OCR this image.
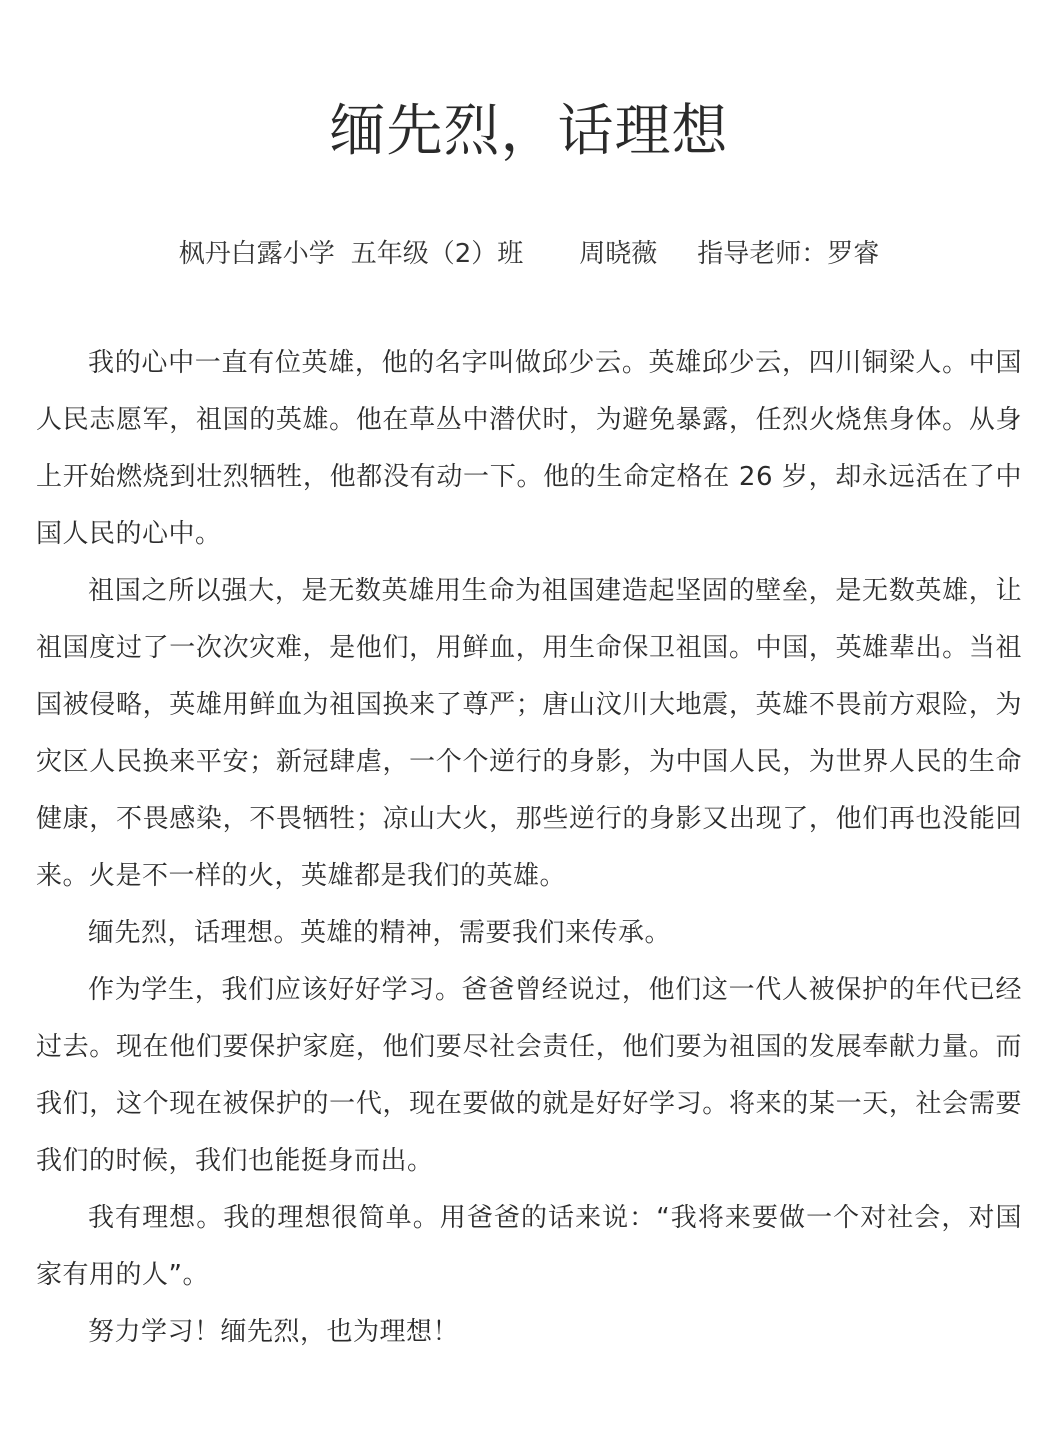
缅先烈，话理想
枫丹白露小学 五年级（2）班 周晓薇 指导老师：罗睿

我的心中一直有位英雄，他的名字叫做邱少云。英雄邱少云，四川铜梁人。中国人民志愿军，祖国的英雄。他在草丛中潜伏时，为避免暴露，任烈火烧焦身体。从身上开始燃烧到壮烈牺牲，他都没有动一下。他的生命定格在 26 岁，却永远活在了中国人民的心中。

祖国之所以强大，是无数英雄用生命为祖国建造起坚固的壁垒，是无数英雄，让祖国度过了一次次灾难，是他们，用鲜血，用生命保卫祖国。中国，英雄辈出。当祖国被侵略，英雄用鲜血为祖国换来了尊严；唐山汶川大地震，英雄不畏前方艰险，为灾区人民换来平安；新冠肆虐，一个个逆行的身影，为中国人民，为世界人民的生命健康，不畏感染，不畏牺牲；凉山大火，那些逆行的身影又出现了，他们再也没能回来。火是不一样的火，英雄都是我们的英雄。

缅先烈，话理想。英雄的精神，需要我们来传承。

作为学生，我们应该好好学习。爸爸曾经说过，他们这一代人被保护的年代已经过去。现在他们要保护家庭，他们要尽社会责任，他们要为祖国的发展奉献力量。而我们，这个现在被保护的一代，现在要做的就是好好学习。将来的某一天，社会需要我们的时候，我们也能挺身而出。

我有理想。我的理想很简单。用爸爸的话来说：“我将来要做一个对社会，对国家有用的人”。

努力学习！缅先烈，也为理想！
